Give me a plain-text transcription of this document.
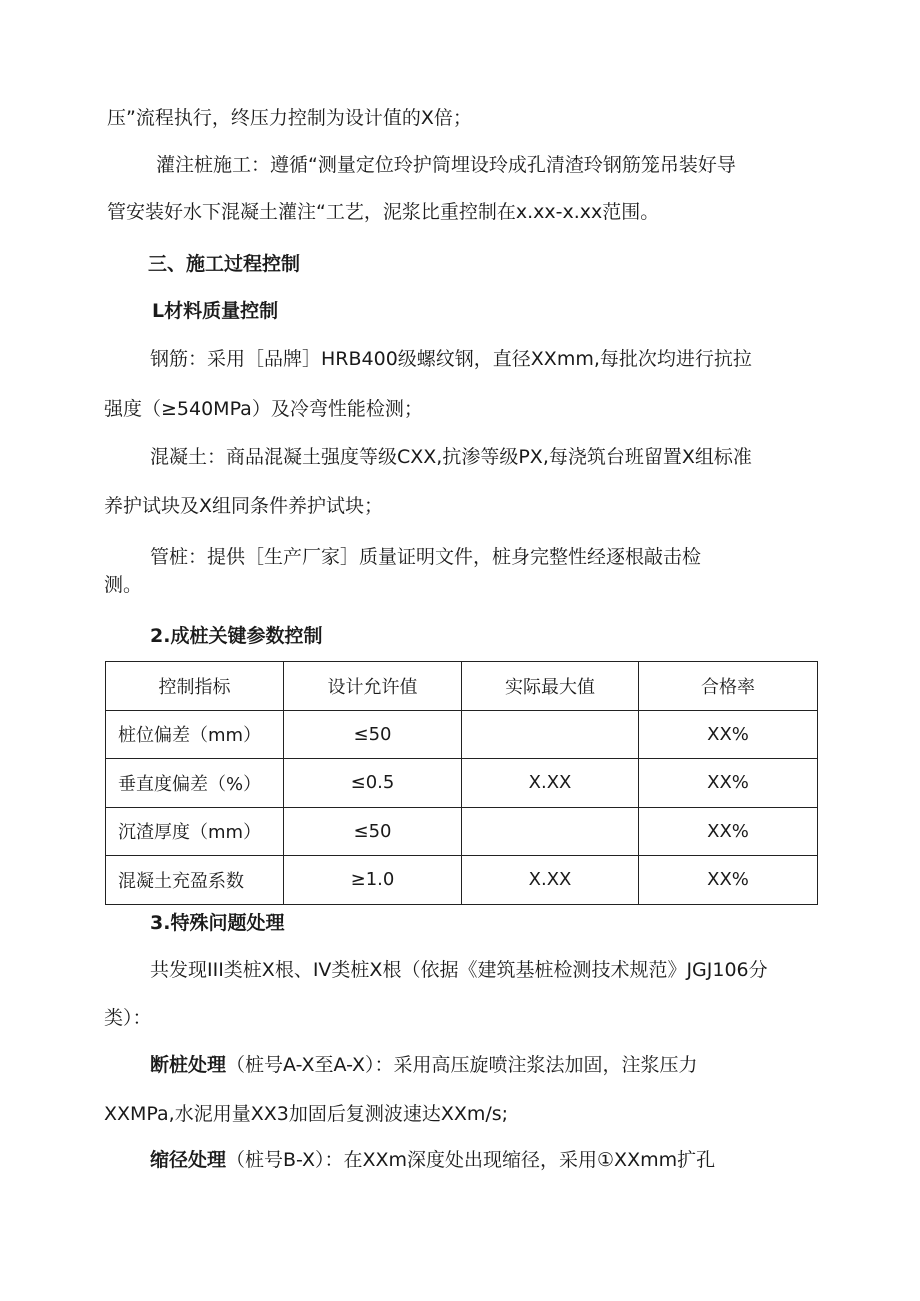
压”流程执行，终压力控制为设计值的X倍；
灌注桩施工：遵循“测量定位玲护筒埋设玲成孔清渣玲钢筋笼吊装好导
管安装好水下混凝土灌注“工艺，泥浆比重控制在x.xx-x.xx范围。
三、施工过程控制
L材料质量控制
钢筋：采用［品牌］HRB400级螺纹钢，直径XXmm,每批次均进行抗拉
强度（≥540MPa）及冷弯性能检测；
混凝土：商品混凝土强度等级CXX,抗渗等级PX,每浇筑台班留置X组标准
养护试块及X组同条件养护试块；
管桩：提供［生产厂家］质量证明文件，桩身完整性经逐根敲击检
测。
2.成桩关键参数控制
控制指标	设计允许值	实际最大值	合格率
桩位偏差（mm）	≤50		XX%
垂直度偏差（%）	≤0.5	X.XX	XX%
沉渣厚度（mm）	≤50		XX%
混凝土充盈系数	≥1.0	X.XX	XX%
3.特殊问题处理
共发现III类桩X根、IV类桩X根（依据《建筑基桩检测技术规范》JGJ106分
类）：
断桩处理（桩号A-X至A-X）：采用高压旋喷注浆法加固，注浆压力
XXMPa,水泥用量XX3加固后复测波速达XXm/s;
缩径处理（桩号B-X）：在XXm深度处出现缩径，采用①XXmm扩孔
